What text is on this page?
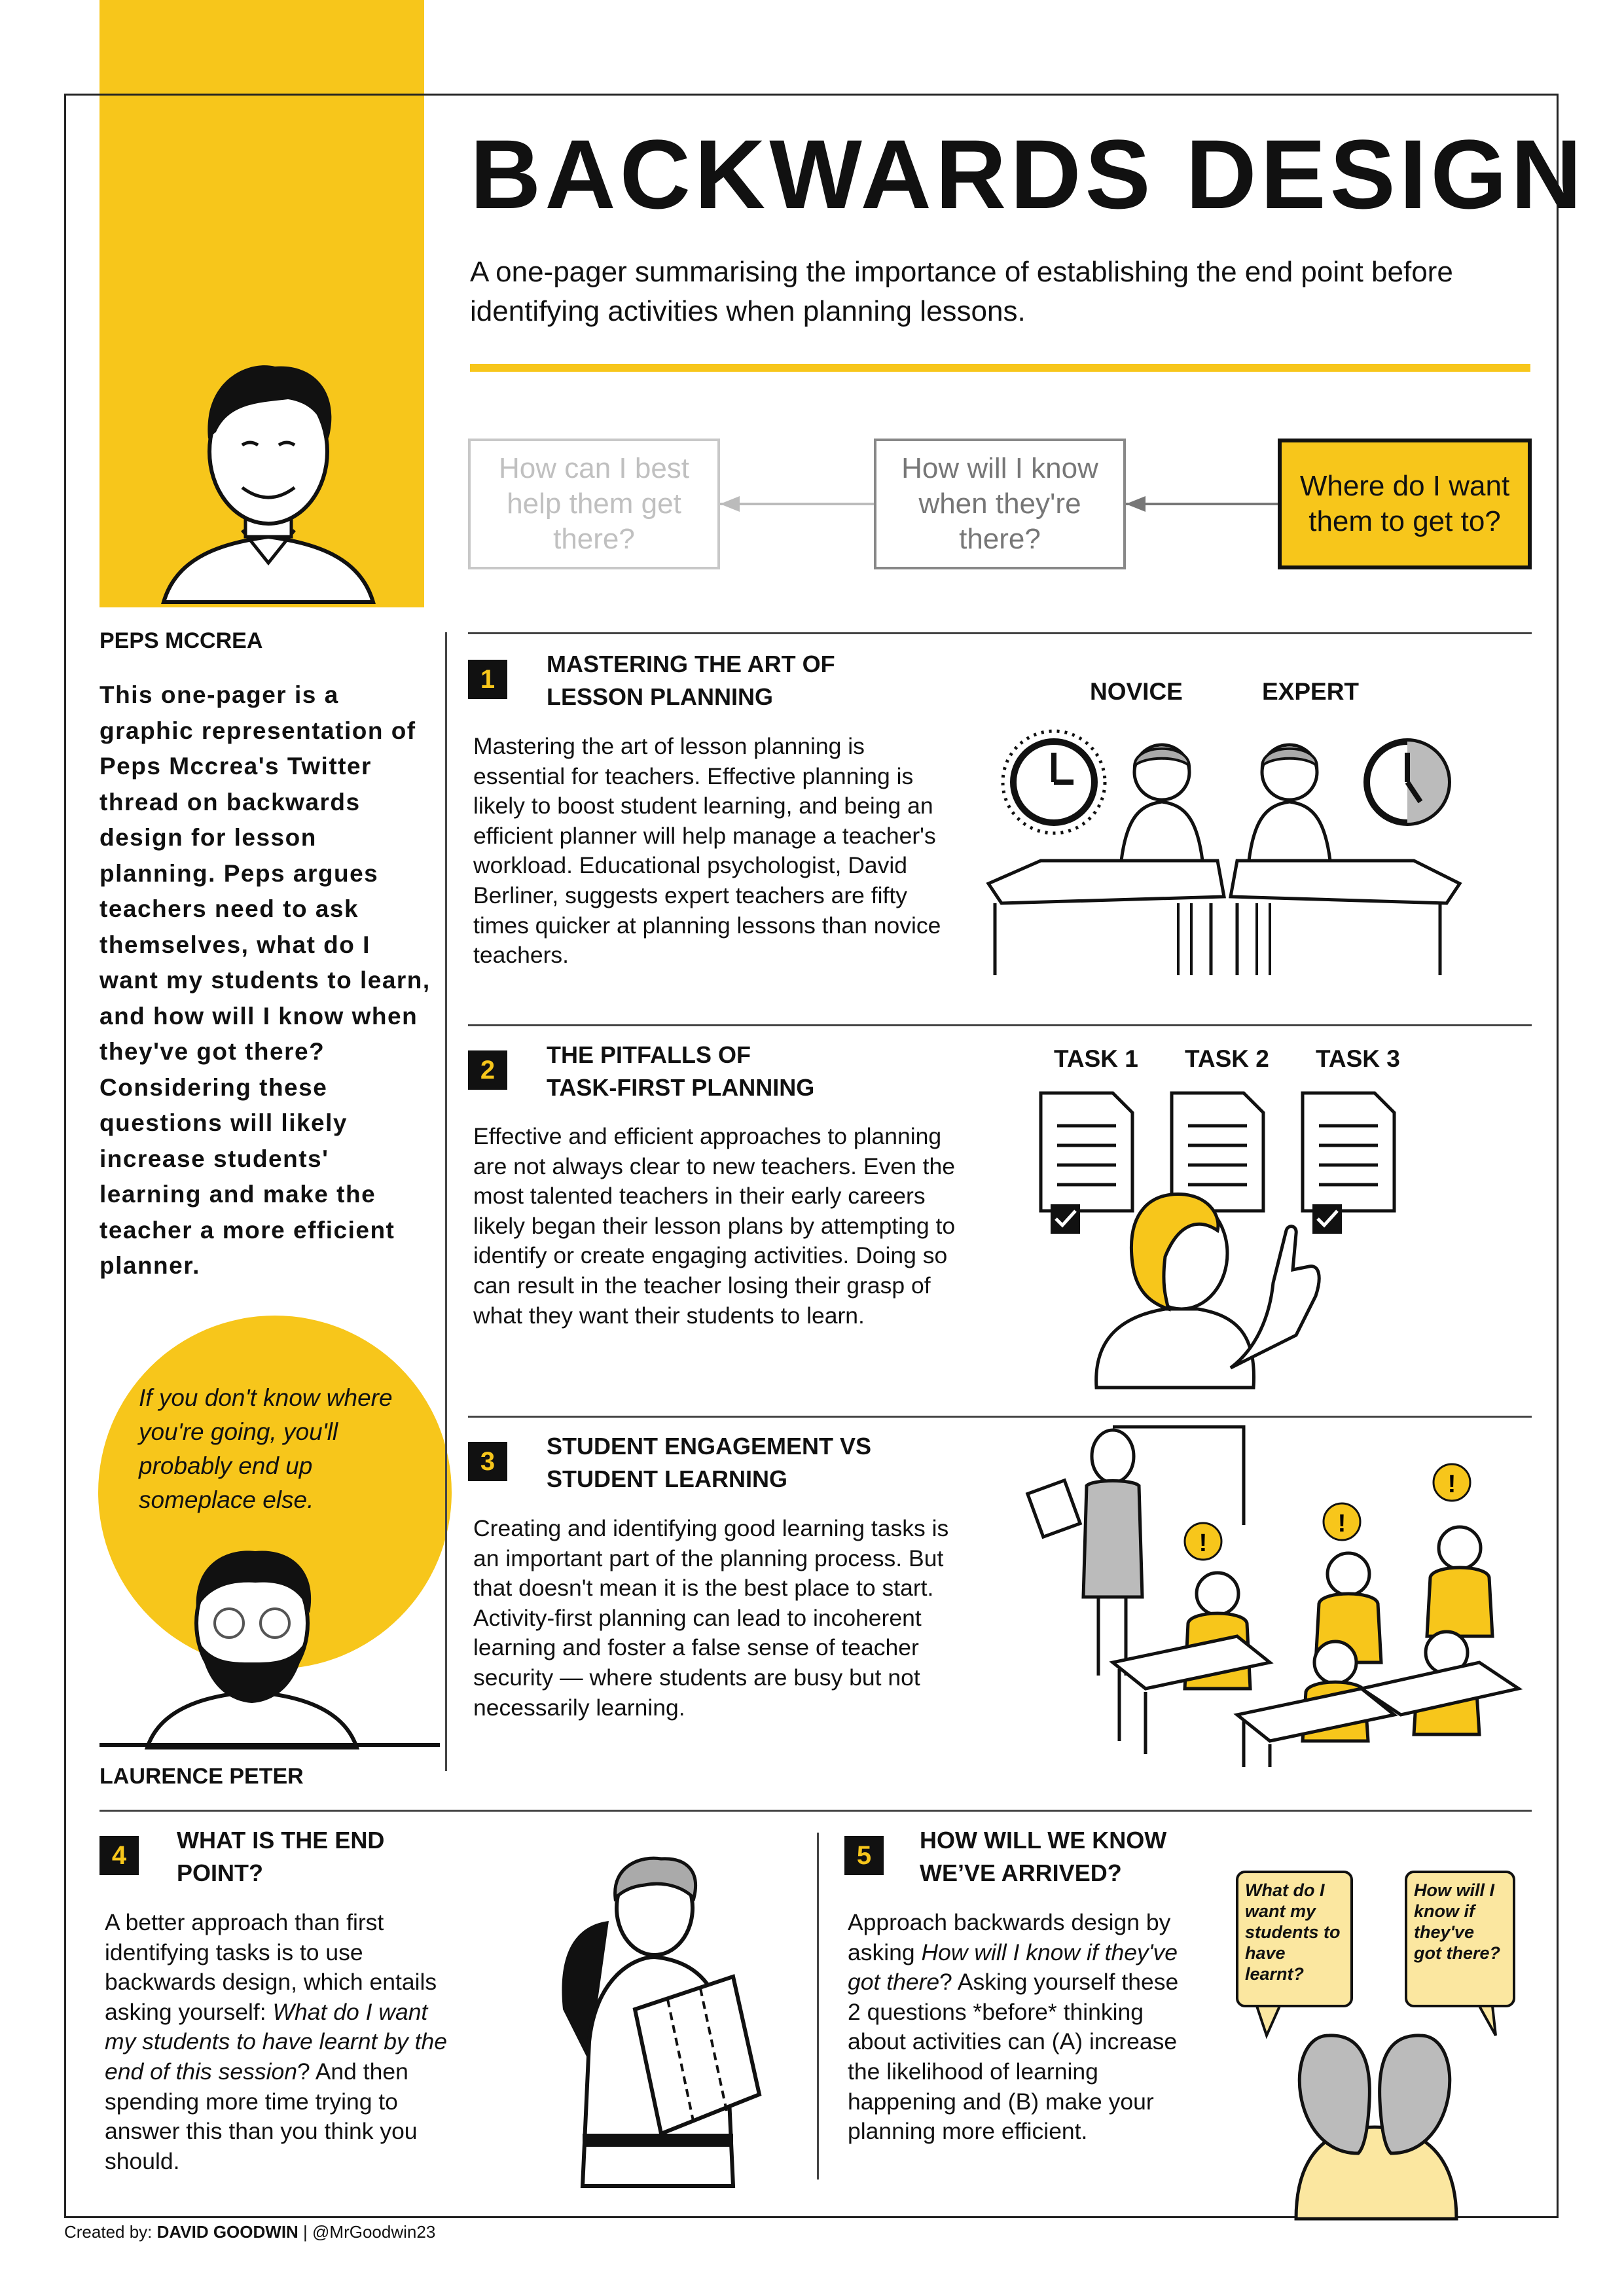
BACKWARDS DESIGN
A one-pager summarising the importance of establishing the end point before identifying activities when planning lessons.
How can I best help them get there?
How will I know when they're there?
Where do I want them to get to?
PEPS MCCREA
This one-pager is a graphic representation of Peps Mccrea's Twitter thread on backwards design for lesson planning. Peps argues teachers need to ask themselves, what do I want my students to learn, and how will I know when they've got there? Considering these questions will likely increase students' learning and make the teacher a more efficient planner.
If you don't know where you're going, you'll probably end up someplace else.
LAURENCE PETER
1
MASTERING THE ART OF
LESSON PLANNING
Mastering the art of lesson planning is essential for teachers. Effective planning is likely to boost student learning, and being an efficient planner will help manage a teacher's workload. Educational psychologist, David Berliner, suggests expert teachers are fifty times quicker at planning lessons than novice teachers.
NOVICE	EXPERT
2
THE PITFALLS OF
TASK-FIRST PLANNING
Effective and efficient approaches to planning are not always clear to new teachers. Even the most talented teachers in their early careers likely began their lesson plans by attempting to identify or create engaging activities. Doing so can result in the teacher losing their grasp of what they want their students to learn.
TASK 1 TASK 2 TASK 3
3
STUDENT ENGAGEMENT VS
STUDENT LEARNING
Creating and identifying good learning tasks is an important part of the planning process. But that doesn't mean it is the best place to start. Activity-first planning can lead to incoherent learning and foster a false sense of teacher security — where students are busy but not necessarily learning.
!
!
!
4
WHAT IS THE END
POINT?
A better approach than first identifying tasks is to use backwards design, which entails asking yourself: What do I want my students to have learnt by the end of this session? And then spending more time trying to answer this than you think you should.
5
HOW WILL WE KNOW
WE’VE ARRIVED?
Approach backwards design by asking How will I know if they've got there? Asking yourself these 2 questions *before* thinking about activities can (A) increase the likelihood of learning happening and (B) make your planning more efficient.
What do I want my students to have learnt?
How will I know if they've got there?
Created by: DAVID GOODWIN | @MrGoodwin23
